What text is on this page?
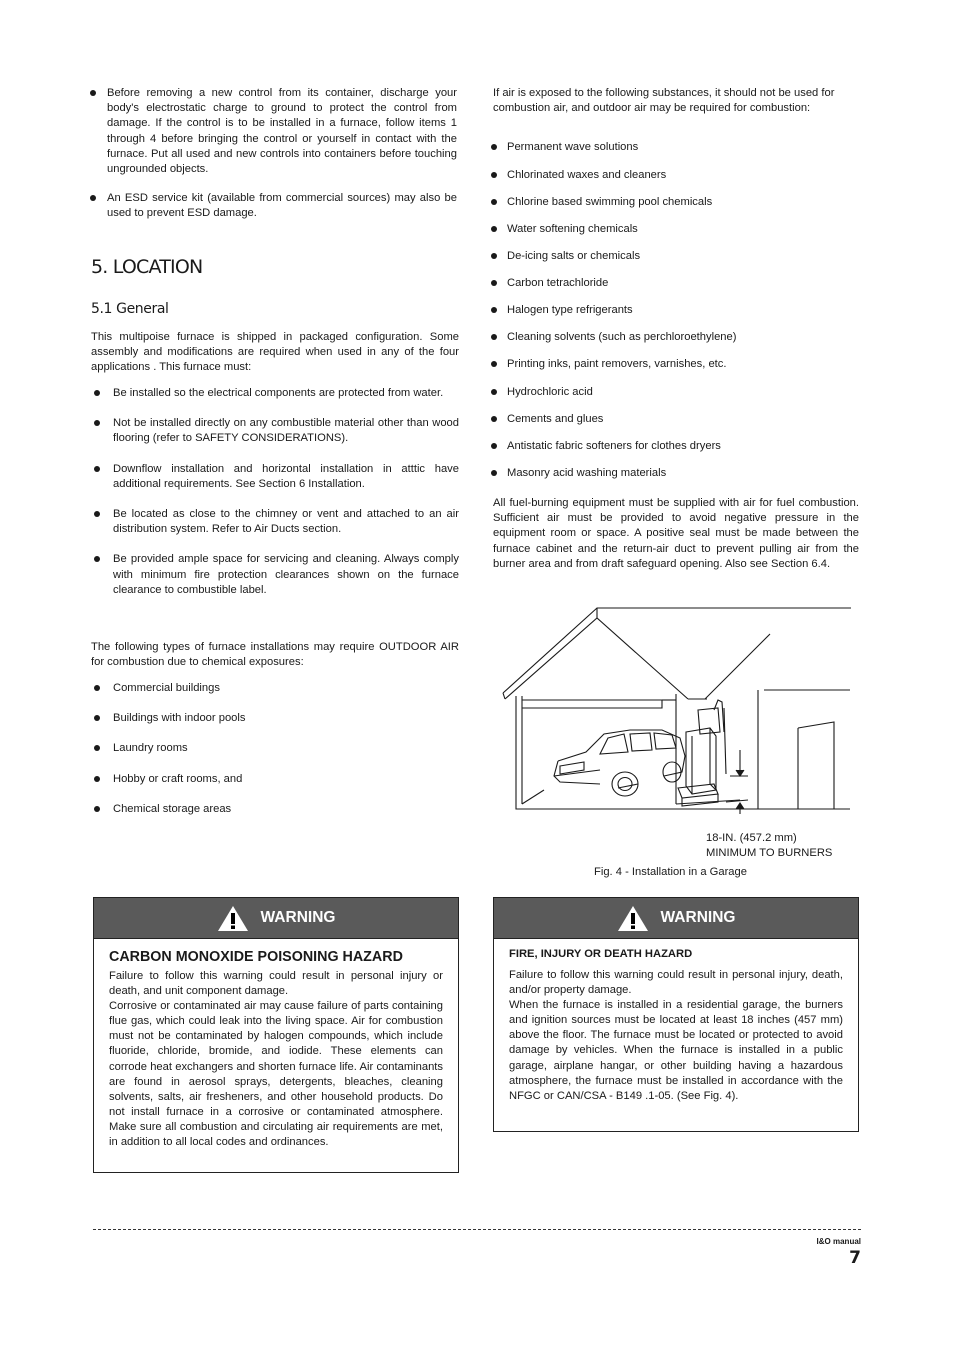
Before removing a new control from its container, discharge your body's electrostatic charge to ground to protect the control from damage. If the control is to be installed in a furnace, follow items 1 through 4 before bringing the control or yourself in contact with the furnace. Put all used and new controls into containers before touching ungrounded objects.
An ESD service kit (available from commercial sources) may also be used to prevent ESD damage.
5. LOCATION
5.1 General

This multipoise furnace is shipped in packaged configuration. Some assembly and modifications are required when used in any of the four applications . This furnace must:

Be installed so the electrical components are protected from water.
Not be installed directly on any combustible material other than wood flooring (refer to SAFETY CONSIDERATIONS).
Downflow installation and horizontal installation in atttic have additional requirements. See Section 6 Installation.
Be located as close to the chimney or vent and attached to an air distribution system. Refer to Air Ducts section.
Be provided ample space for servicing and cleaning. Always comply with minimum fire protection clearances shown on the furnace clearance to combustible label.

The following types of furnace installations may require OUTDOOR AIR for combustion due to chemical exposures:

Commercial buildings
Buildings with indoor pools
Laundry rooms
Hobby or craft rooms, and
Chemical storage areas

If air is exposed to the following substances, it should not be used for combustion air, and outdoor air may be required for combustion:

Permanent wave solutions
Chlorinated waxes and cleaners
Chlorine based swimming pool chemicals
Water softening chemicals
De-icing salts or chemicals
Carbon tetrachloride
Halogen type refrigerants
Cleaning solvents (such as perchloroethylene)
Printing inks, paint removers, varnishes, etc.
Hydrochloric acid
Cements and glues
Antistatic fabric softeners for clothes dryers
Masonry acid washing materials

All fuel-burning equipment must be supplied with air for fuel combustion. Sufficient air must be provided to avoid negative pressure in the equipment room or space. A positive seal must be made between the furnace cabinet and the return-air duct to prevent pulling air from the burner area and from draft safeguard opening. Also see Section 6.4.

18-IN. (457.2 mm)
MINIMUM TO BURNERS
Fig. 4 - Installation in a Garage
WARNING
CARBON MONOXIDE POISONING HAZARD

Failure to follow this warning could result in personal injury or death, and unit component damage.

Corrosive or contaminated air may cause failure of parts containing flue gas, which could leak into the living space. Air for combustion must not be contaminated by halogen compounds, which include fluoride, chloride, bromide, and iodide. These elements can corrode heat exchangers and shorten furnace life. Air contaminants are found in aerosol sprays, detergents, bleaches, cleaning solvents, salts, air fresheners, and other household products. Do not install furnace in a corrosive or contaminated atmosphere. Make sure all combustion and circulating air requirements are met, in addition to all local codes and ordinances.

WARNING
FIRE, INJURY OR DEATH HAZARD

Failure to follow this warning could result in personal injury, death, and/or property damage.

When the furnace is installed in a residential garage, the burners and ignition sources must be located at least 18 inches (457 mm) above the floor. The furnace must be located or protected to avoid damage by vehicles. When the furnace is installed in a public garage, airplane hangar, or other building having a hazardous atmosphere, the furnace must be installed in accordance with the NFGC or CAN/CSA - B149 .1-05. (See Fig. 4).

I&O manual
7
